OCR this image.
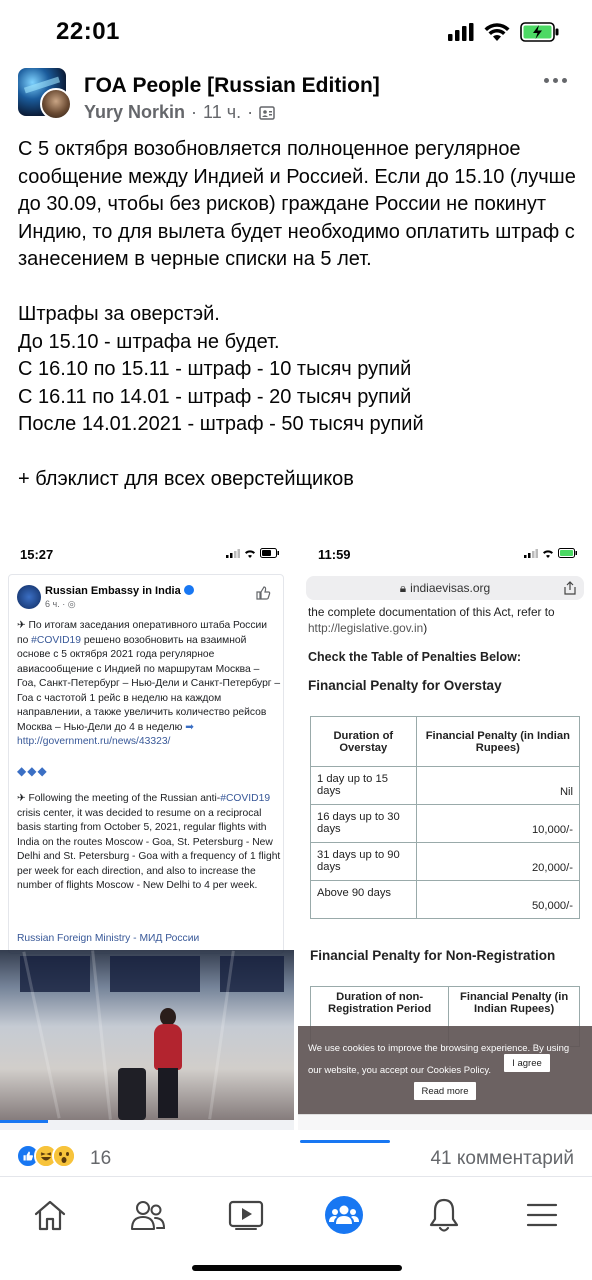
22:01
ГОА People [Russian Edition]
Yury Norkin · 11 ч. ·

С 5 октября возобновляется полноценное регулярное сообщение между Индией и Россией. Если до 15.10 (лучше до 30.09, чтобы без рисков) граждане России не покинут Индию, то для вылета будет необходимо оплатить штраф с занесением в черные списки на 5 лет.

Штрафы за оверстэй.

До 15.10 - штрафа не будет.

С 16.10 по 15.11 - штраф - 10 тысяч рупий

С 16.11 по 14.01 - штраф - 20 тысяч рупий

После 14.01.2021 - штраф - 50 тысяч рупий

+ блэклист для всех оверстейщиков

15:27
Russian Embassy in India
6 ч. · ◎
✈ По итогам заседания оперативного штаба России по #COVID19 решено возобновить на взаимной основе с 5 октября 2021 года регулярное авиасообщение с Индией по маршрутам Москва – Гоа, Санкт-Петербург – Нью-Дели и Санкт-Петербург – Гоа с частотой 1 рейс в неделю на каждом направлении, а также увеличить количество рейсов Москва – Нью-Дели до 4 в неделю ➡ http://government.ru/news/43323/
◆◆◆
✈ Following the meeting of the Russian anti-#COVID19 crisis center, it was decided to resume on a reciprocal basis starting from October 5, 2021, regular flights with India on the routes Moscow - Goa, St. Petersburg - New Delhi and St. Petersburg - Goa with a frequency of 1 flight per week for each direction, and also to increase the number of flights Moscow - New Delhi to 4 per week.
Russian Foreign Ministry - МИД России
11:59
🔒︎ indiaevisas.org
the complete documentation of this Act, refer to
http://legislative.gov.in)
Check the Table of Penalties Below:
Financial Penalty for Overstay
Duration of Overstay	Financial Penalty (in Indian Rupees)
1 day up to 15 days	Nil
16 days up to 30 days	10,000/-
31 days up to 90 days	20,000/-
Above 90 days	50,000/-
Financial Penalty for Non-Registration
Duration of non-Registration Period	Financial Penalty (in Indian Rupees)
We use cookies to improve the browsing experience. By using our website, you accept our Cookies Policy.
I agree
Read more
16	41 комментарий
